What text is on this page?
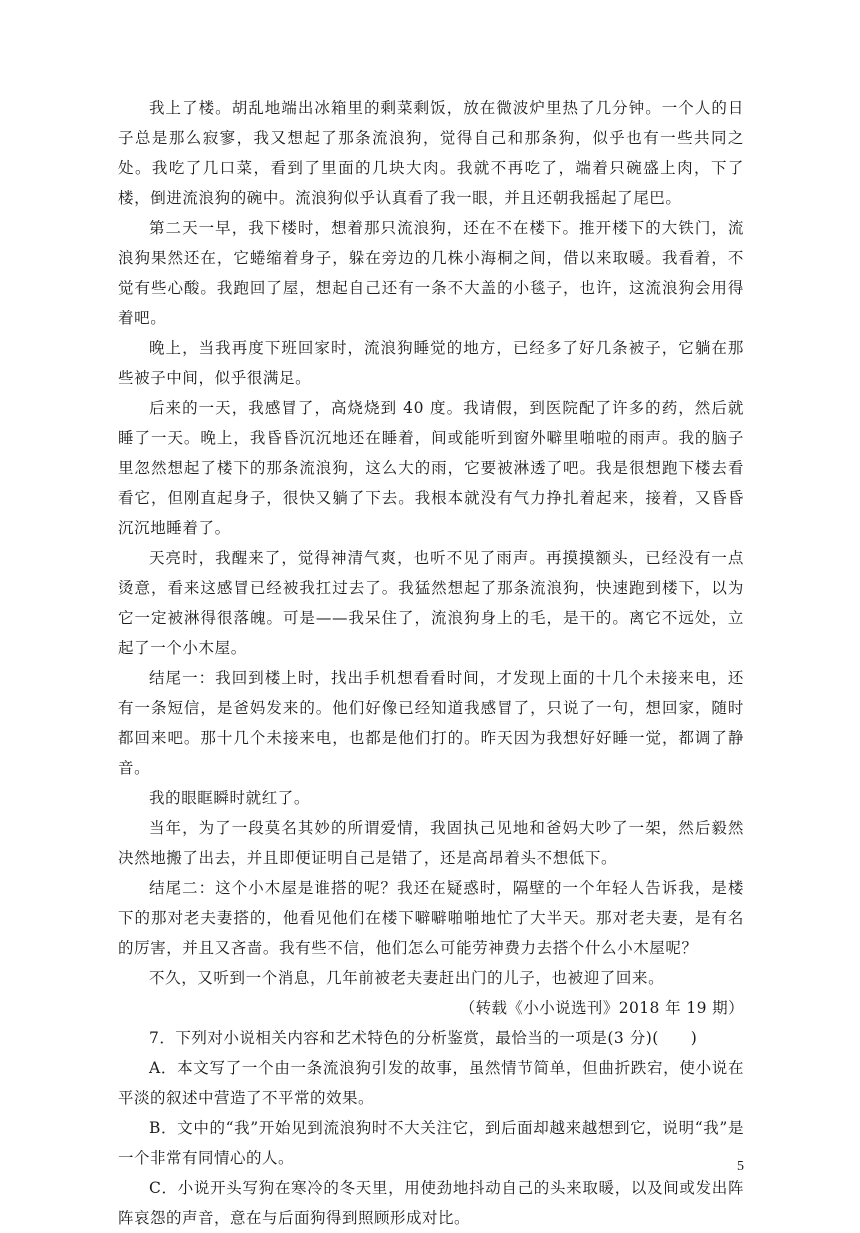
我上了楼。胡乱地端出冰箱里的剩菜剩饭，放在微波炉里热了几分钟。一个人的日子总是那么寂寥，我又想起了那条流浪狗，觉得自己和那条狗，似乎也有一些共同之处。我吃了几口菜，看到了里面的几块大肉。我就不再吃了，端着只碗盛上肉，下了楼，倒进流浪狗的碗中。流浪狗似乎认真看了我一眼，并且还朝我摇起了尾巴。

第二天一早，我下楼时，想着那只流浪狗，还在不在楼下。推开楼下的大铁门，流浪狗果然还在，它蜷缩着身子，躲在旁边的几株小海桐之间，借以来取暖。我看着，不觉有些心酸。我跑回了屋，想起自己还有一条不大盖的小毯子，也许，这流浪狗会用得着吧。

晚上，当我再度下班回家时，流浪狗睡觉的地方，已经多了好几条被子，它躺在那些被子中间，似乎很满足。

后来的一天，我感冒了，高烧烧到 40 度。我请假，到医院配了许多的药，然后就睡了一天。晚上，我昏昏沉沉地还在睡着，间或能听到窗外噼里啪啦的雨声。我的脑子里忽然想起了楼下的那条流浪狗，这么大的雨，它要被淋透了吧。我是很想跑下楼去看看它，但刚直起身子，很快又躺了下去。我根本就没有气力挣扎着起来，接着，又昏昏沉沉地睡着了。

天亮时，我醒来了，觉得神清气爽，也听不见了雨声。再摸摸额头，已经没有一点烫意，看来这感冒已经被我扛过去了。我猛然想起了那条流浪狗，快速跑到楼下，以为它一定被淋得很落魄。可是——我呆住了，流浪狗身上的毛，是干的。离它不远处，立起了一个小木屋。

结尾一：我回到楼上时，找出手机想看看时间，才发现上面的十几个未接来电，还有一条短信，是爸妈发来的。他们好像已经知道我感冒了，只说了一句，想回家，随时都回来吧。那十几个未接来电，也都是他们打的。昨天因为我想好好睡一觉，都调了静音。

我的眼眶瞬时就红了。

当年，为了一段莫名其妙的所谓爱情，我固执己见地和爸妈大吵了一架，然后毅然决然地搬了出去，并且即便证明自己是错了，还是高昂着头不想低下。

结尾二：这个小木屋是谁搭的呢？我还在疑惑时，隔壁的一个年轻人告诉我，是楼下的那对老夫妻搭的，他看见他们在楼下噼噼啪啪地忙了大半天。那对老夫妻，是有名的厉害，并且又吝啬。我有些不信，他们怎么可能劳神费力去搭个什么小木屋呢？

不久，又听到一个消息，几年前被老夫妻赶出门的儿子，也被迎了回来。

（转载《小小说选刊》2018 年 19 期）

7．下列对小说相关内容和艺术特色的分析鉴赏，最恰当的一项是(3 分)(　　)

A．本文写了一个由一条流浪狗引发的故事，虽然情节简单，但曲折跌宕，使小说在平淡的叙述中营造了不平常的效果。

B．文中的“我”开始见到流浪狗时不大关注它，到后面却越来越想到它，说明“我”是一个非常有同情心的人。

C．小说开头写狗在寒冷的冬天里，用使劲地抖动自己的头来取暖，以及间或发出阵阵哀怨的声音，意在与后面狗得到照顾形成对比。

5
